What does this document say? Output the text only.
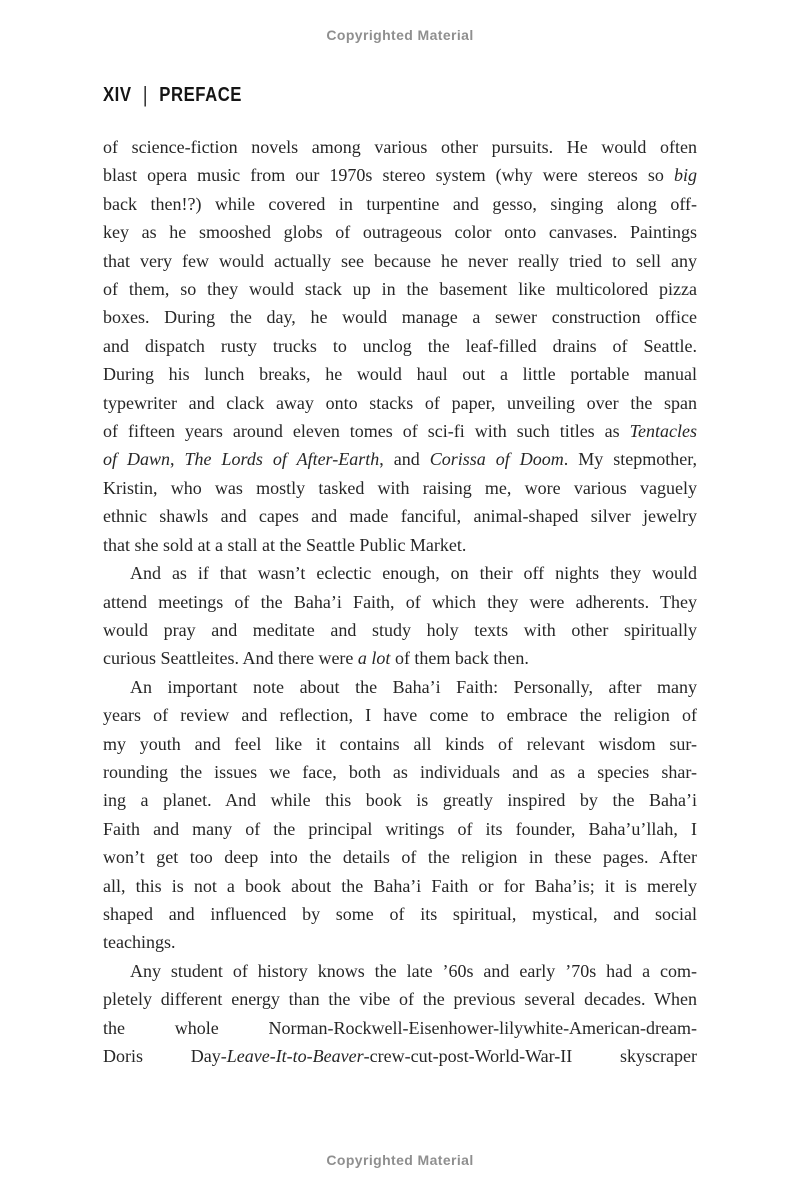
Copyrighted Material
XIV | PREFACE
of science-fiction novels among various other pursuits. He would often
blast opera music from our 1970s stereo system (why were stereos so big
back then!?) while covered in turpentine and gesso, singing along off-
key as he smooshed globs of outrageous color onto canvases. Paintings
that very few would actually see because he never really tried to sell any
of them, so they would stack up in the basement like multicolored pizza
boxes. During the day, he would manage a sewer construction office
and dispatch rusty trucks to unclog the leaf-filled drains of Seattle.
During his lunch breaks, he would haul out a little portable manual
typewriter and clack away onto stacks of paper, unveiling over the span
of fifteen years around eleven tomes of sci-fi with such titles as Tentacles
of Dawn, The Lords of After-Earth, and Corissa of Doom. My stepmother,
Kristin, who was mostly tasked with raising me, wore various vaguely
ethnic shawls and capes and made fanciful, animal-shaped silver jewelry
that she sold at a stall at the Seattle Public Market.
And as if that wasn’t eclectic enough, on their off nights they would
attend meetings of the Baha’i Faith, of which they were adherents. They
would pray and meditate and study holy texts with other spiritually
curious Seattleites. And there were a lot of them back then.
An important note about the Baha’i Faith: Personally, after many
years of review and reflection, I have come to embrace the religion of
my youth and feel like it contains all kinds of relevant wisdom sur-
rounding the issues we face, both as individuals and as a species shar-
ing a planet. And while this book is greatly inspired by the Baha’i
Faith and many of the principal writings of its founder, Baha’u’llah, I
won’t get too deep into the details of the religion in these pages. After
all, this is not a book about the Baha’i Faith or for Baha’is; it is merely
shaped and influenced by some of its spiritual, mystical, and social
teachings.
Any student of history knows the late ’60s and early ’70s had a com-
pletely different energy than the vibe of the previous several decades. When
the whole Norman-Rockwell-Eisenhower-lilywhite-American-dream-
Doris Day-Leave-It-to-Beaver-crew-cut-post-World-War-II skyscraper
Copyrighted Material
